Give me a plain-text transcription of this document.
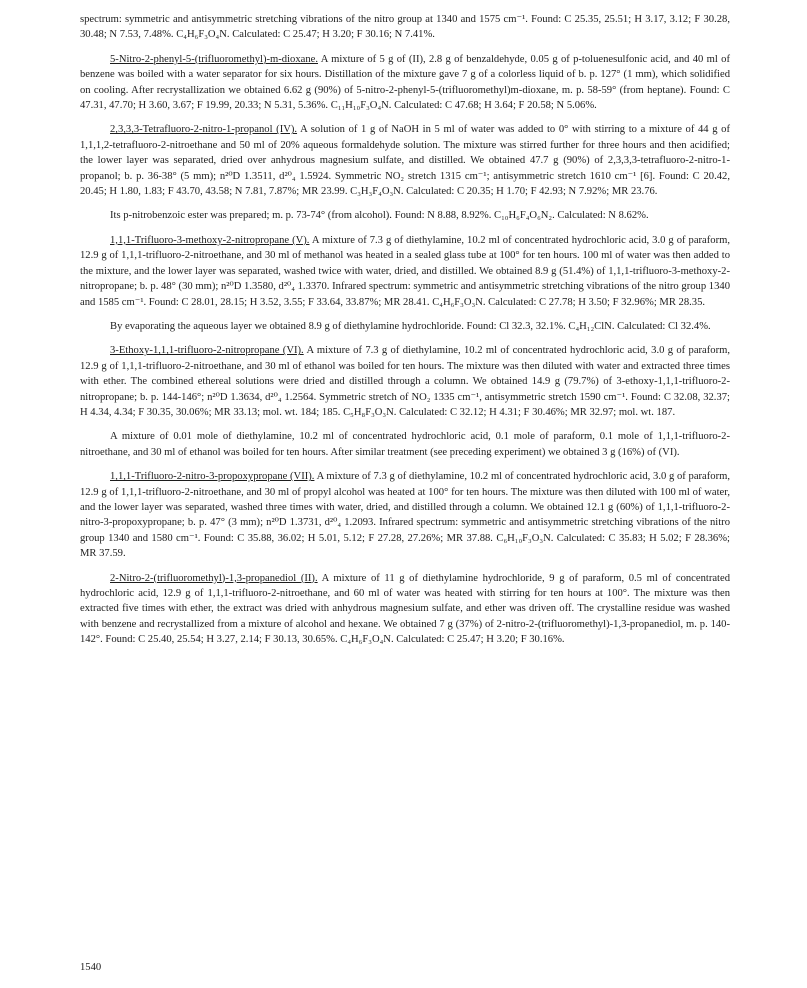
spectrum: symmetric and antisymmetric stretching vibrations of the nitro group at 1340 and 1575 cm⁻¹. Found: C 25.35, 25.51; H 3.17, 3.12; F 30.28, 30.48; N 7.53, 7.48%. C₄H₆F₃O₄N. Calculated: C 25.47; H 3.20; F 30.16; N 7.41%.

5-Nitro-2-phenyl-5-(trifluoromethyl)-m-dioxane. A mixture of 5 g of (II), 2.8 g of benzaldehyde, 0.05 g of p-toluenesulfonic acid, and 40 ml of benzene was boiled with a water separator for six hours. Distillation of the mixture gave 7 g of a colorless liquid of b. p. 127° (1 mm), which solidified on cooling. After recrystallization we obtained 6.62 g (90%) of 5-nitro-2-phenyl-5-(trifluoromethyl)m-dioxane, m. p. 58-59° (from heptane). Found: C 47.31, 47.70; H 3.60, 3.67; F 19.99, 20.33; N 5.31, 5.36%. C₁₁H₁₀F₃O₄N. Calculated: C 47.68; H 3.64; F 20.58; N 5.06%.

2,3,3,3-Tetrafluoro-2-nitro-1-propanol (IV). A solution of 1 g of NaOH in 5 ml of water was added to 0° with stirring to a mixture of 44 g of 1,1,1,2-tetrafluoro-2-nitroethane and 50 ml of 20% aqueous formaldehyde solution. The mixture was stirred further for three hours and then acidified; the lower layer was separated, dried over anhydrous magnesium sulfate, and distilled. We obtained 47.7 g (90%) of 2,3,3,3-tetrafluoro-2-nitro-1-propanol; b. p. 36-38° (5 mm); n²⁰D 1.3511, d²⁰₄ 1.5924. Symmetric NO₂ stretch 1315 cm⁻¹; antisymmetric stretch 1610 cm⁻¹ [6]. Found: C 20.42, 20.45; H 1.80, 1.83; F 43.70, 43.58; N 7.81, 7.87%; MR 23.99. C₃H₃F₄O₃N. Calculated: C 20.35; H 1.70; F 42.93; N 7.92%; MR 23.76.

Its p-nitrobenzoic ester was prepared; m. p. 73-74° (from alcohol). Found: N 8.88, 8.92%. C₁₀H₆F₄O₆N₂. Calculated: N 8.62%.

1,1,1-Trifluoro-3-methoxy-2-nitropropane (V). A mixture of 7.3 g of diethylamine, 10.2 ml of concentrated hydrochloric acid, 3.0 g of paraform, 12.9 g of 1,1,1-trifluoro-2-nitroethane, and 30 ml of methanol was heated in a sealed glass tube at 100° for ten hours. 100 ml of water was then added to the mixture, and the lower layer was separated, washed twice with water, dried, and distilled. We obtained 8.9 g (51.4%) of 1,1,1-trifluoro-3-methoxy-2-nitropropane; b. p. 48° (30 mm); n²⁰D 1.3580, d²⁰₄ 1.3370. Infrared spectrum: symmetric and antisymmetric stretching vibrations of the nitro group 1340 and 1585 cm⁻¹. Found: C 28.01, 28.15; H 3.52, 3.55; F 33.64, 33.87%; MR 28.41. C₄H₆F₃O₃N. Calculated: C 27.78; H 3.50; F 32.96%; MR 28.35.

By evaporating the aqueous layer we obtained 8.9 g of diethylamine hydrochloride. Found: Cl 32.3, 32.1%. C₄H₁₂ClN. Calculated: Cl 32.4%.

3-Ethoxy-1,1,1-trifluoro-2-nitropropane (VI). A mixture of 7.3 g of diethylamine, 10.2 ml of concentrated hydrochloric acid, 3.0 g of paraform, 12.9 g of 1,1,1-trifluoro-2-nitroethane, and 30 ml of ethanol was boiled for ten hours. The mixture was then diluted with water and extracted three times with ether. The combined ethereal solutions were dried and distilled through a column. We obtained 14.9 g (79.7%) of 3-ethoxy-1,1,1-trifluoro-2-nitropropane; b. p. 144-146°; n²⁰D 1.3634, d²⁰₄ 1.2564. Symmetric stretch of NO₂ 1335 cm⁻¹, antisymmetric stretch 1590 cm⁻¹. Found: C 32.08, 32.37; H 4.34, 4.34; F 30.35, 30.06%; MR 33.13; mol. wt. 184; 185. C₅H₈F₃O₃N. Calculated: C 32.12; H 4.31; F 30.46%; MR 32.97; mol. wt. 187.

A mixture of 0.01 mole of diethylamine, 10.2 ml of concentrated hydrochloric acid, 0.1 mole of paraform, 0.1 mole of 1,1,1-trifluoro-2-nitroethane, and 30 ml of ethanol was boiled for ten hours. After similar treatment (see preceding experiment) we obtained 3 g (16%) of (VI).

1,1,1-Trifluoro-2-nitro-3-propoxypropane (VII). A mixture of 7.3 g of diethylamine, 10.2 ml of concentrated hydrochloric acid, 3.0 g of paraform, 12.9 g of 1,1,1-trifluoro-2-nitroethane, and 30 ml of propyl alcohol was heated at 100° for ten hours. The mixture was then diluted with 100 ml of water, and the lower layer was separated, washed three times with water, dried, and distilled through a column. We obtained 12.1 g (60%) of 1,1,1-trifluoro-2-nitro-3-propoxypropane; b. p. 47° (3 mm); n²⁰D 1.3731, d²⁰₄ 1.2093. Infrared spectrum: symmetric and antisymmetric stretching vibrations of the nitro group 1340 and 1580 cm⁻¹. Found: C 35.88, 36.02; H 5.01, 5.12; F 27.28, 27.26%; MR 37.88. C₆H₁₀F₃O₃N. Calculated: C 35.83; H 5.02; F 28.36%; MR 37.59.

2-Nitro-2-(trifluoromethyl)-1,3-propanediol (II). A mixture of 11 g of diethylamine hydrochloride, 9 g of paraform, 0.5 ml of concentrated hydrochloric acid, 12.9 g of 1,1,1-trifluoro-2-nitroethane, and 60 ml of water was heated with stirring for ten hours at 100°. The mixture was then extracted five times with ether, the extract was dried with anhydrous magnesium sulfate, and ether was driven off. The crystalline residue was washed with benzene and recrystallized from a mixture of alcohol and hexane. We obtained 7 g (37%) of 2-nitro-2-(trifluoromethyl)-1,3-propanediol, m. p. 140-142°. Found: C 25.40, 25.54; H 3.27, 2.14; F 30.13, 30.65%. C₄H₆F₃O₄N. Calculated: C 25.47; H 3.20; F 30.16%.

1540
